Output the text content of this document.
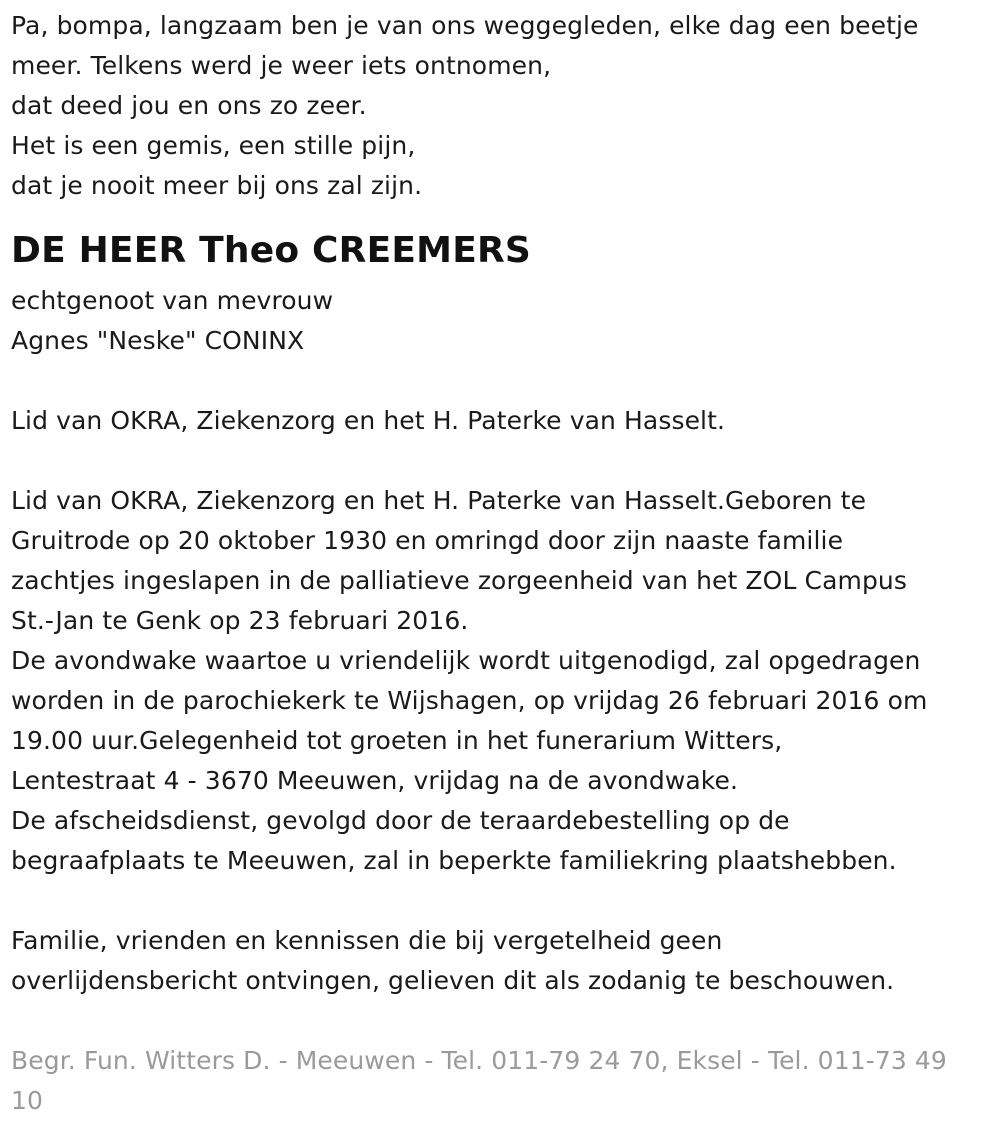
Pa, bompa, langzaam ben je van ons weggegleden, elke dag een beetje
meer. Telkens werd je weer iets ontnomen,
dat deed jou en ons zo zeer.
Het is een gemis, een stille pijn,
dat je nooit meer bij ons zal zijn.
DE HEER Theo CREEMERS
echtgenoot van mevrouw
Agnes "Neske" CONINX
Lid van OKRA, Ziekenzorg en het H. Paterke van Hasselt.
Lid van OKRA, Ziekenzorg en het H. Paterke van Hasselt.Geboren te
Gruitrode op 20 oktober 1930 en omringd door zijn naaste familie
zachtjes ingeslapen in de palliatieve zorgeenheid van het ZOL Campus
St.-Jan te Genk op 23 februari 2016.
De avondwake waartoe u vriendelijk wordt uitgenodigd, zal opgedragen
worden in de parochiekerk te Wijshagen, op vrijdag 26 februari 2016 om
19.00 uur.Gelegenheid tot groeten in het funerarium Witters,
Lentestraat 4 - 3670 Meeuwen, vrijdag na de avondwake.
De afscheidsdienst, gevolgd door de teraardebestelling op de
begraafplaats te Meeuwen, zal in beperkte familiekring plaatshebben.
Familie, vrienden en kennissen die bij vergetelheid geen
overlijdensbericht ontvingen, gelieven dit als zodanig te beschouwen.
Begr. Fun. Witters D. - Meeuwen - Tel. 011-79 24 70, Eksel - Tel. 011-73 49 10
